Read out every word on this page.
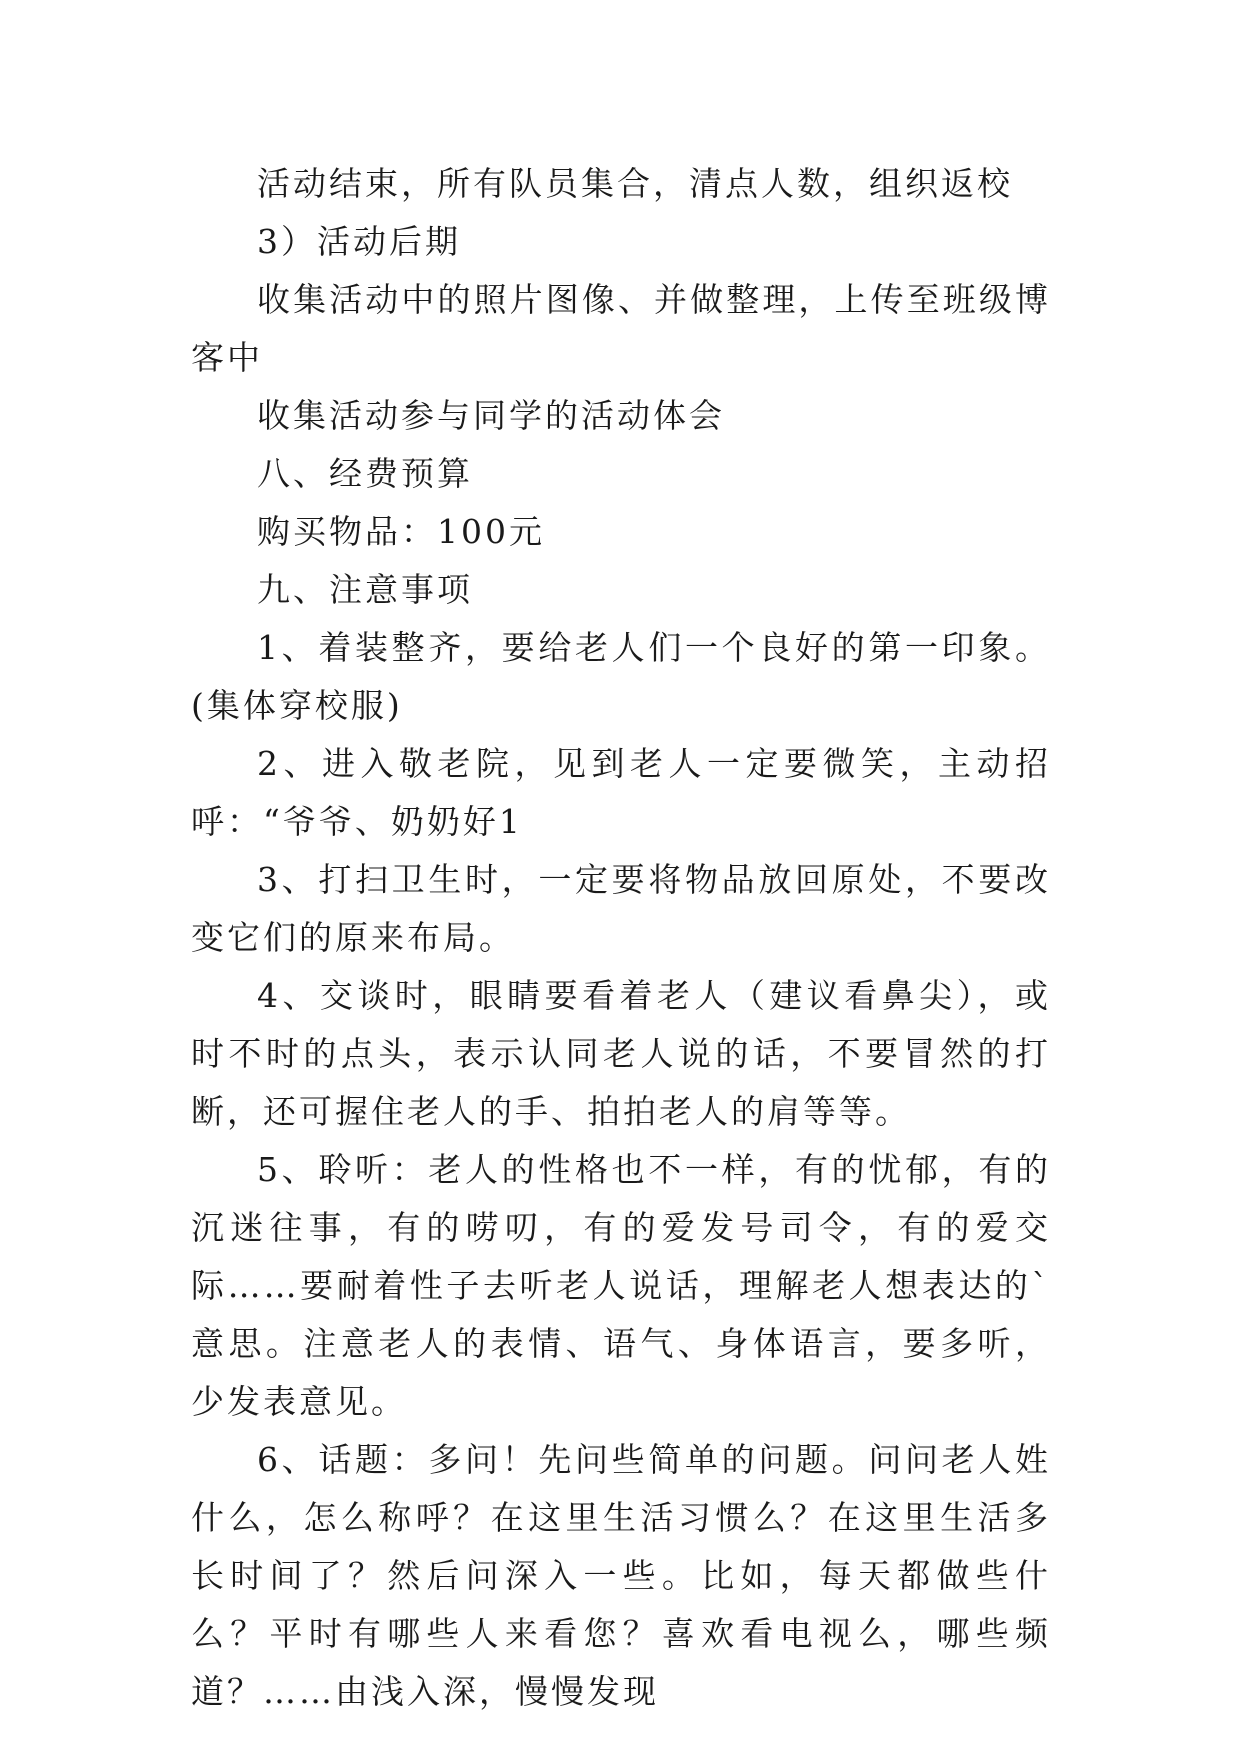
活动结束，所有队员集合，清点人数，组织返校

3）活动后期

收集活动中的照片图像、并做整理，上传至班级博客中

收集活动参与同学的活动体会

八、经费预算

购买物品：100元

九、注意事项

1、着装整齐，要给老人们一个良好的第一印象。(集体穿校服)

2、进入敬老院，见到老人一定要微笑，主动招呼：“爷爷、奶奶好1

3、打扫卫生时，一定要将物品放回原处，不要改变它们的原来布局。

4、交谈时，眼睛要看着老人（建议看鼻尖），或时不时的点头，表示认同老人说的话，不要冒然的打断，还可握住老人的手、拍拍老人的肩等等。

5、聆听：老人的性格也不一样，有的忧郁，有的沉迷往事，有的唠叨，有的爱发号司令，有的爱交际……要耐着性子去听老人说话，理解老人想表达的`意思。注意老人的表情、语气、身体语言，要多听，少发表意见。

6、话题：多问！先问些简单的问题。问问老人姓什么，怎么称呼？在这里生活习惯么？在这里生活多长时间了？然后问深入一些。比如，每天都做些什么？平时有哪些人来看您？喜欢看电视么，哪些频道？……由浅入深，慢慢发现
